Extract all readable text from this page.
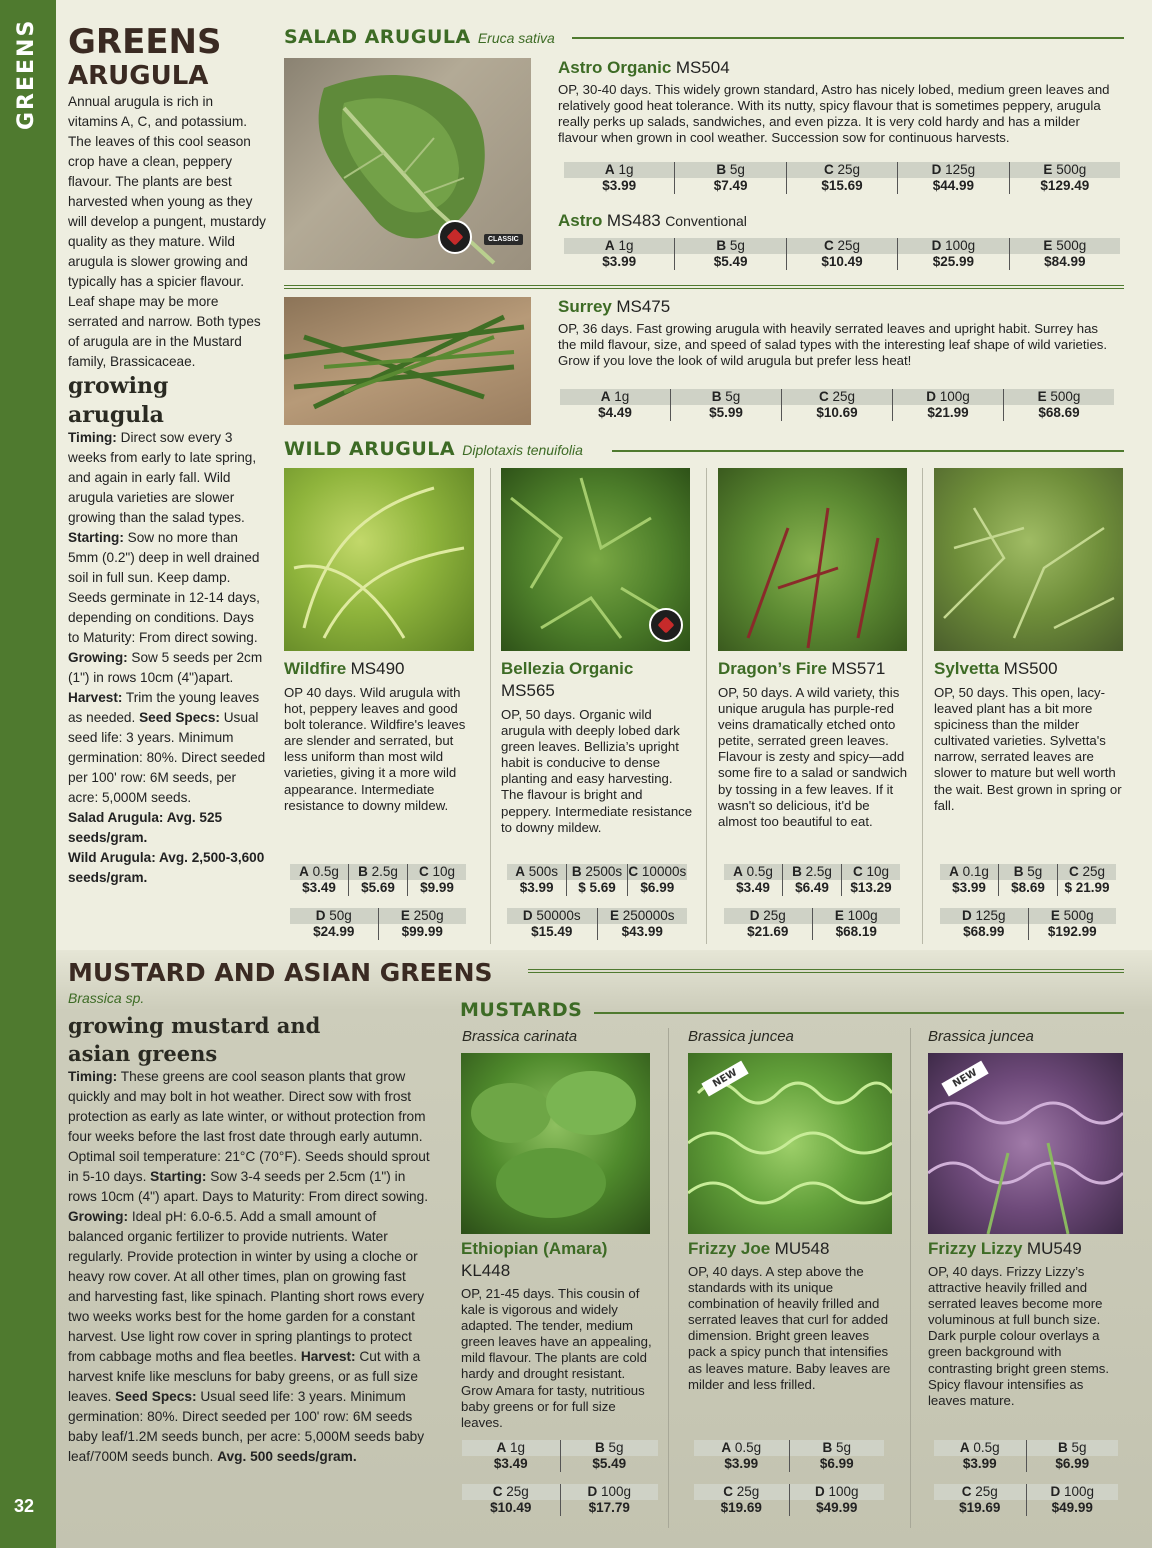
GREENS
32
GREENS
ARUGULA
Annual arugula is rich in vitamins A, C, and potassium. The leaves of this cool season crop have a clean, peppery flavour. The plants are best harvested when young as they will develop a pungent, mustardy quality as they mature. Wild arugula is slower growing and typically has a spicier flavour. Leaf shape may be more serrated and narrow. Both types of arugula are in the Mustard family, Brassicaceae.
growing
arugula
Timing: Direct sow every 3 weeks from early to late spring, and again in early fall. Wild arugula varieties are slower growing than the salad types. Starting: Sow no more than 5mm (0.2") deep in well drained soil in full sun. Keep damp. Seeds germinate in 12-14 days, depending on conditions. Days to Maturity: From direct sowing. Growing: Sow 5 seeds per 2cm (1") in rows 10cm (4")apart. Harvest: Trim the young leaves as needed. Seed Specs: Usual seed life: 3 years. Minimum germination: 80%. Direct seeded per 100' row: 6M seeds, per acre: 5,000M seeds.
Salad Arugula: Avg. 525 seeds/gram.
Wild Arugula: Avg. 2,500-3,600 seeds/gram.
SALAD ARUGULA Eruca sativa
CLASSIC
Astro Organic MS504
OP, 30-40 days. This widely grown standard, Astro has nicely lobed, medium green leaves and relatively good heat tolerance. With its nutty, spicy flavour that is sometimes peppery, arugula really perks up salads, sandwiches, and even pizza. It is very cold hardy and has a milder flavour when grown in cool weather. Succession sow for continuous harvests.
A 1g
$3.99
B 5g
$7.49
C 25g
$15.69
D 125g
$44.99
E 500g
$129.49
Astro MS483 Conventional
A 1g
$3.99
B 5g
$5.49
C 25g
$10.49
D 100g
$25.99
E 500g
$84.99
Surrey MS475
OP, 36 days. Fast growing arugula with heavily serrated leaves and upright habit. Surrey has the mild flavour, size, and speed of salad types with the interesting leaf shape of wild varieties. Grow if you love the look of wild arugula but prefer less heat!
A 1g
$4.49
B 5g
$5.99
C 25g
$10.69
D 100g
$21.99
E 500g
$68.69
WILD ARUGULA Diplotaxis tenuifolia
Wildfire MS490
OP 40 days. Wild arugula with hot, peppery leaves and good bolt tolerance. Wildfire's leaves are slender and serrated, but less uniform than most wild varieties, giving it a more wild appearance. Intermediate resistance to downy mildew.
A 0.5g
$3.49
B 2.5g
$5.69
C 10g
$9.99
D 50g
$24.99
E 250g
$99.99
Bellezia Organic
MS565
OP, 50 days. Organic wild arugula with deeply lobed dark green leaves. Bellizia’s upright habit is conducive to dense planting and easy harvesting. The flavour is bright and peppery. Intermediate resistance to downy mildew.
A 500s
$3.99
B 2500s
$ 5.69
C 10000s
$6.99
D 50000s
$15.49
E 250000s
$43.99
Dragon’s Fire MS571
OP, 50 days. A wild variety, this unique arugula has purple-red veins dramatically etched onto petite, serrated green leaves. Flavour is zesty and spicy—add some fire to a salad or sandwich by tossing in a few leaves. If it wasn't so delicious, it'd be almost too beautiful to eat.
A 0.5g
$3.49
B 2.5g
$6.49
C 10g
$13.29
D 25g
$21.69
E 100g
$68.19
Sylvetta MS500
OP, 50 days. This open, lacy-leaved plant has a bit more spiciness than the milder cultivated varieties. Sylvetta's narrow, serrated leaves are slower to mature but well worth the wait. Best grown in spring or fall.
A 0.1g
$3.99
B 5g
$8.69
C 25g
$ 21.99
D 125g
$68.99
E 500g
$192.99
MUSTARD AND ASIAN GREENS
Brassica sp.
growing mustard and
asian greens
Timing: These greens are cool season plants that grow quickly and may bolt in hot weather. Direct sow with frost protection as early as late winter, or without protection from four weeks before the last frost date through early autumn. Optimal soil temperature: 21°C (70°F). Seeds should sprout in 5-10 days. Starting: Sow 3-4 seeds per 2.5cm (1") in rows 10cm (4") apart. Days to Maturity: From direct sowing. Growing: Ideal pH: 6.0-6.5. Add a small amount of balanced organic fertilizer to provide nutrients. Water regularly. Provide protection in winter by using a cloche or heavy row cover. At all other times, plan on growing fast and harvesting fast, like spinach. Planting short rows every two weeks works best for the home garden for a constant harvest. Use light row cover in spring plantings to protect from cabbage moths and flea beetles. Harvest: Cut with a harvest knife like mescluns for baby greens, or as full size leaves. Seed Specs: Usual seed life: 3 years. Minimum germination: 80%. Direct seeded per 100' row: 6M seeds baby leaf/1.2M seeds bunch, per acre: 5,000M seeds baby leaf/700M seeds bunch. Avg. 500 seeds/gram.
MUSTARDS
Brassica carinata
Ethiopian (Amara)
KL448
OP, 21-45 days. This cousin of kale is vigorous and widely adapted. The tender, medium green leaves have an appealing, mild flavour. The plants are cold hardy and drought resistant. Grow Amara for tasty, nutritious baby greens or for full size leaves.
A 1g
$3.49
B 5g
$5.49
C 25g
$10.49
D 100g
$17.79
Brassica juncea
NEW
Frizzy Joe MU548
OP, 40 days. A step above the standards with its unique combination of heavily frilled and serrated leaves that curl for added dimension. Bright green leaves pack a spicy punch that intensifies as leaves mature. Baby leaves are milder and less frilled.
A 0.5g
$3.99
B 5g
$6.99
C 25g
$19.69
D 100g
$49.99
Brassica juncea
NEW
Frizzy Lizzy MU549
OP, 40 days. Frizzy Lizzy’s attractive heavily frilled and serrated leaves become more voluminous at full bunch size. Dark purple colour overlays a green background with contrasting bright green stems. Spicy flavour intensifies as leaves mature.
A 0.5g
$3.99
B 5g
$6.99
C 25g
$19.69
D 100g
$49.99
